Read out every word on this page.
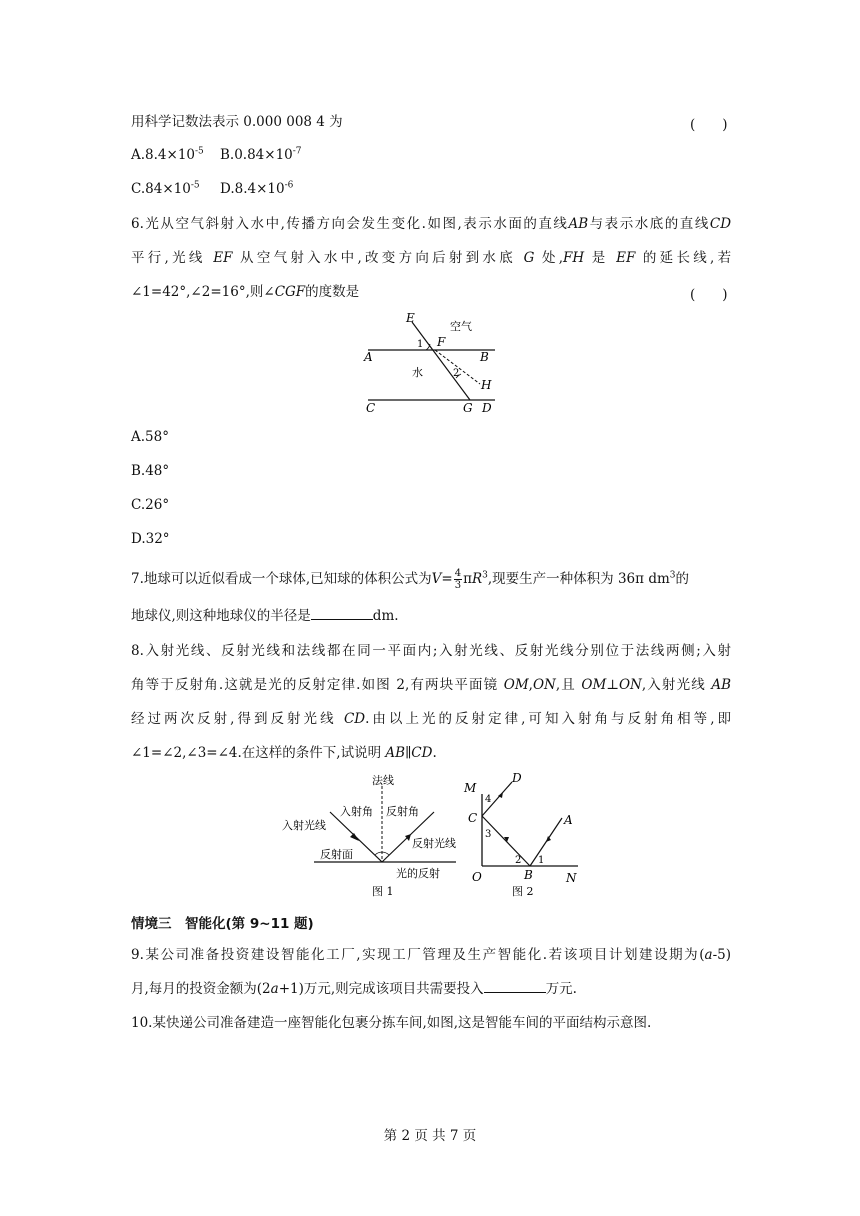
用科学记数法表示 0.000 008 4 为	(　　)
$A.8.4\times 10^{-5}$ $B.0.84\times 10^{-7}$
$C.84\times 10^{-5}$ $D.8.4\times 10^{-6}$
6.光从空气斜射入水中,传播方向会发生变化.如图,表示水面的直线AB与表示水底的直线CD
平行,光线 EF 从空气射入水中,改变方向后射到水底 G 处,FH 是 EF 的延长线,若
∠1=42°,∠2=16°,则∠CGF的度数是	(　　)
E
F
A	B
C	G D
H
1
2
空气
水
A.58°
B.48°
C.26°
D.32°
7.地球可以近似看成一个球体,已知球的体积公式为$V= \frac{4}{3} \pi R^3$,现要生产一种体积为 36π $dm^3$的
地球仪,则这种地球仪的半径是	dm.
8.入射光线、反射光线和法线都在同一平面内;入射光线、反射光线分别位于法线两侧;入射
角等于反射角.这就是光的反射定律.如图 2,有两块平面镜 OM,ON,且 OM⊥ON,入射光线 AB
经过两次反射,得到反射光线 CD.由以上光的反射定律,可知入射角与反射角相等,即
∠1=∠2,∠3=∠4.在这样的条件下,试说明 AB∥CD.
法线
入射角 反射角
入射光线
反射光线
反射面
光的反射
图 1
M
D
C	A
O	B	N
1
2
3
4
图 2
情境三　智能化(第 9~11 题)
9.某公司准备投资建设智能化工厂,实现工厂管理及生产智能化.若该项目计划建设期为(a-5)
月,每月的投资金额为(2a+1)万元,则完成该项目共需要投入	万元.
10.某快递公司准备建造一座智能化包裹分拣车间,如图,这是智能车间的平面结构示意图.
第 2 页 共 7 页
